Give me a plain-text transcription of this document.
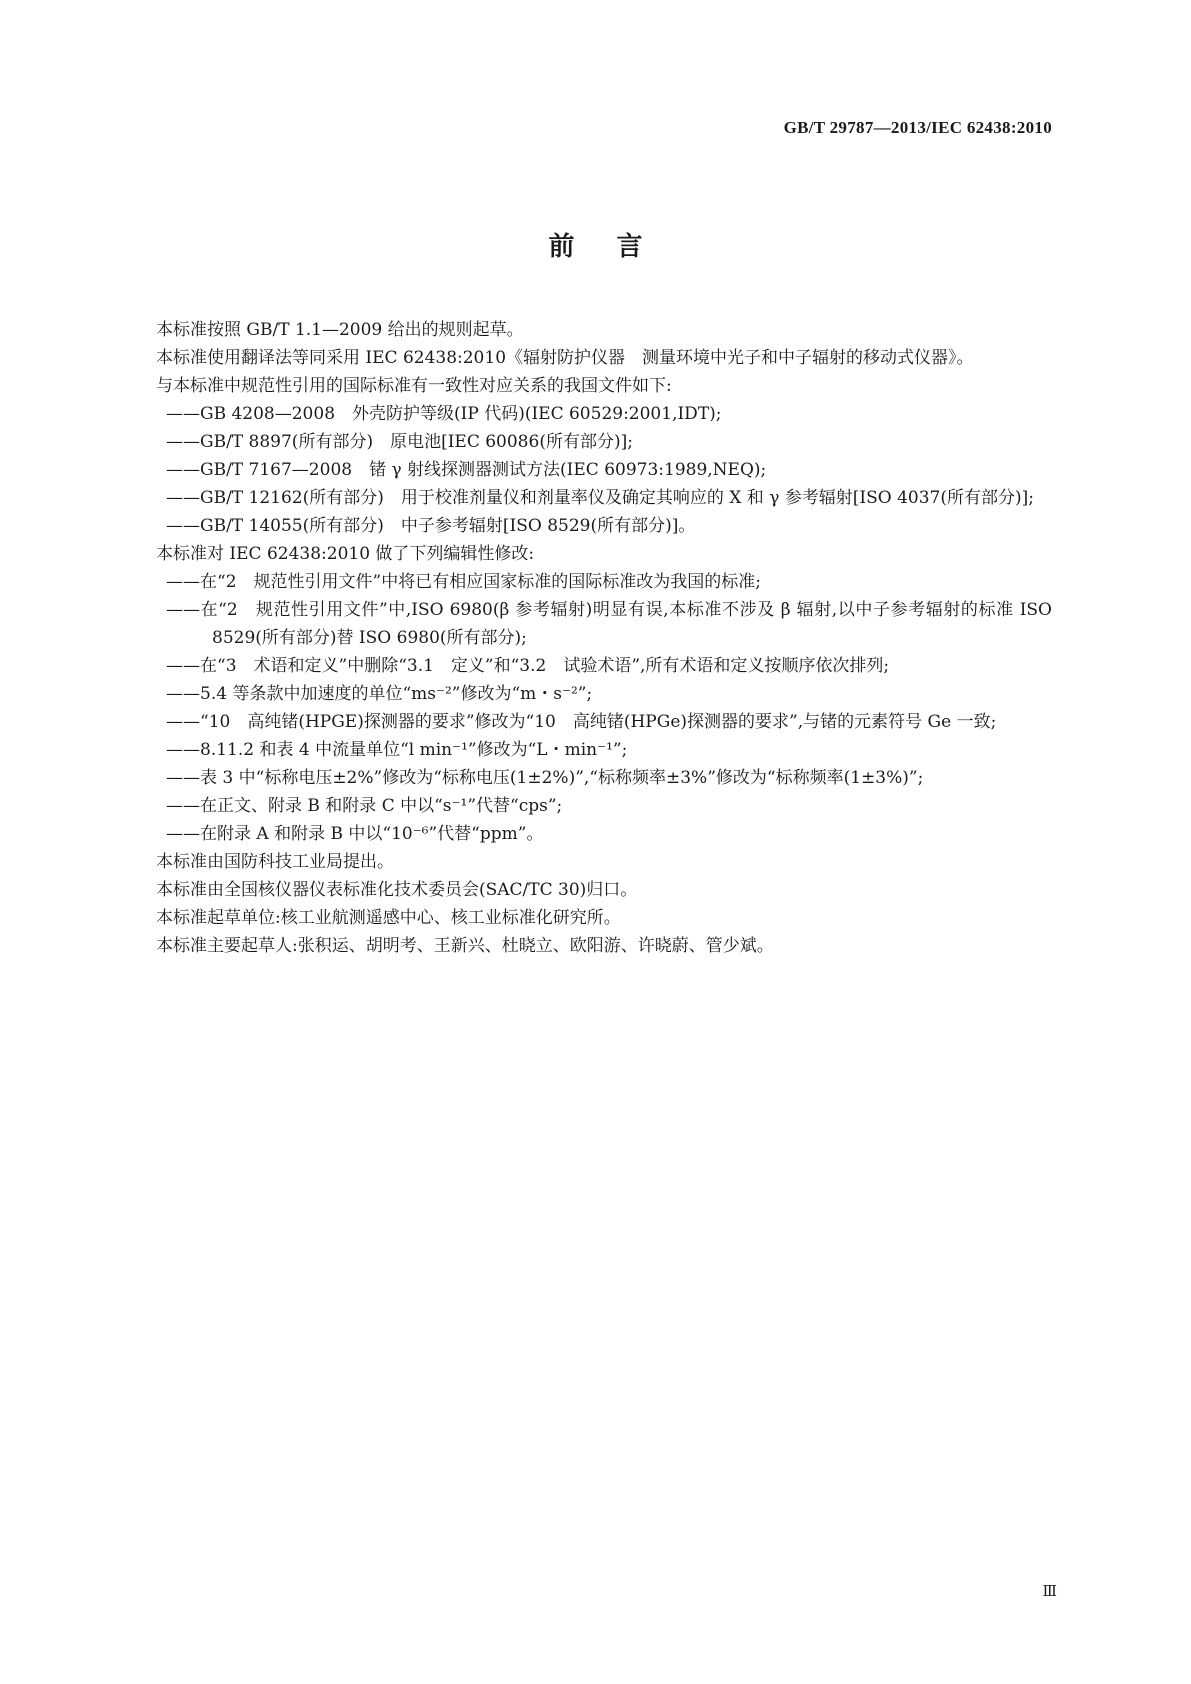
GB/T 29787—2013/IEC 62438:2010
前言

本标准按照 GB/T 1.1—2009 给出的规则起草。

本标准使用翻译法等同采用 IEC 62438:2010《辐射防护仪器　测量环境中光子和中子辐射的移动式仪器》。

与本标准中规范性引用的国际标准有一致性对应关系的我国文件如下:

——GB 4208—2008　外壳防护等级(IP 代码)(IEC 60529:2001,IDT);

——GB/T 8897(所有部分)　原电池[IEC 60086(所有部分)];

——GB/T 7167—2008　锗 γ 射线探测器测试方法(IEC 60973:1989,NEQ);

——GB/T 12162(所有部分)　用于校准剂量仪和剂量率仪及确定其响应的 X 和 γ 参考辐射[ISO 4037(所有部分)];

——GB/T 14055(所有部分)　中子参考辐射[ISO 8529(所有部分)]。

本标准对 IEC 62438:2010 做了下列编辑性修改:

——在“2　规范性引用文件”中将已有相应国家标准的国际标准改为我国的标准;

——在“2　规范性引用文件”中,ISO 6980(β 参考辐射)明显有误,本标准不涉及 β 辐射,以中子参考辐射的标准 ISO 8529(所有部分)替 ISO 6980(所有部分);

——在“3　术语和定义”中删除“3.1　定义”和“3.2　试验术语”,所有术语和定义按顺序依次排列;

——5.4 等条款中加速度的单位“ms⁻²”修改为“m・s⁻²”;

——“10　高纯锗(HPGE)探测器的要求”修改为“10　高纯锗(HPGe)探测器的要求”,与锗的元素符号 Ge 一致;

——8.11.2 和表 4 中流量单位“l min⁻¹”修改为“L・min⁻¹”;

——表 3 中“标称电压±2%”修改为“标称电压(1±2%)”,“标称频率±3%”修改为“标称频率(1±3%)”;

——在正文、附录 B 和附录 C 中以“s⁻¹”代替“cps”;

——在附录 A 和附录 B 中以“10⁻⁶”代替“ppm”。

本标准由国防科技工业局提出。

本标准由全国核仪器仪表标准化技术委员会(SAC/TC 30)归口。

本标准起草单位:核工业航测遥感中心、核工业标准化研究所。

本标准主要起草人:张积运、胡明考、王新兴、杜晓立、欧阳游、许晓蔚、管少斌。

Ⅲ
